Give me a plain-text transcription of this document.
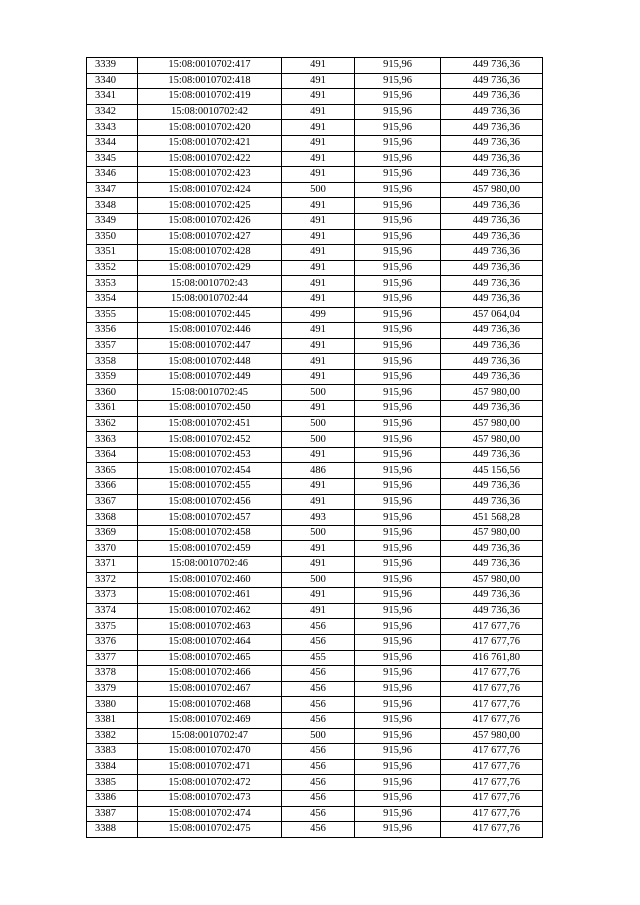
3339	15:08:0010702:417	491	915,96	449 736,36
3340	15:08:0010702:418	491	915,96	449 736,36
3341	15:08:0010702:419	491	915,96	449 736,36
3342	15:08:0010702:42	491	915,96	449 736,36
3343	15:08:0010702:420	491	915,96	449 736,36
3344	15:08:0010702:421	491	915,96	449 736,36
3345	15:08:0010702:422	491	915,96	449 736,36
3346	15:08:0010702:423	491	915,96	449 736,36
3347	15:08:0010702:424	500	915,96	457 980,00
3348	15:08:0010702:425	491	915,96	449 736,36
3349	15:08:0010702:426	491	915,96	449 736,36
3350	15:08:0010702:427	491	915,96	449 736,36
3351	15:08:0010702:428	491	915,96	449 736,36
3352	15:08:0010702:429	491	915,96	449 736,36
3353	15:08:0010702:43	491	915,96	449 736,36
3354	15:08:0010702:44	491	915,96	449 736,36
3355	15:08:0010702:445	499	915,96	457 064,04
3356	15:08:0010702:446	491	915,96	449 736,36
3357	15:08:0010702:447	491	915,96	449 736,36
3358	15:08:0010702:448	491	915,96	449 736,36
3359	15:08:0010702:449	491	915,96	449 736,36
3360	15:08:0010702:45	500	915,96	457 980,00
3361	15:08:0010702:450	491	915,96	449 736,36
3362	15:08:0010702:451	500	915,96	457 980,00
3363	15:08:0010702:452	500	915,96	457 980,00
3364	15:08:0010702:453	491	915,96	449 736,36
3365	15:08:0010702:454	486	915,96	445 156,56
3366	15:08:0010702:455	491	915,96	449 736,36
3367	15:08:0010702:456	491	915,96	449 736,36
3368	15:08:0010702:457	493	915,96	451 568,28
3369	15:08:0010702:458	500	915,96	457 980,00
3370	15:08:0010702:459	491	915,96	449 736,36
3371	15:08:0010702:46	491	915,96	449 736,36
3372	15:08:0010702:460	500	915,96	457 980,00
3373	15:08:0010702:461	491	915,96	449 736,36
3374	15:08:0010702:462	491	915,96	449 736,36
3375	15:08:0010702:463	456	915,96	417 677,76
3376	15:08:0010702:464	456	915,96	417 677,76
3377	15:08:0010702:465	455	915,96	416 761,80
3378	15:08:0010702:466	456	915,96	417 677,76
3379	15:08:0010702:467	456	915,96	417 677,76
3380	15:08:0010702:468	456	915,96	417 677,76
3381	15:08:0010702:469	456	915,96	417 677,76
3382	15:08:0010702:47	500	915,96	457 980,00
3383	15:08:0010702:470	456	915,96	417 677,76
3384	15:08:0010702:471	456	915,96	417 677,76
3385	15:08:0010702:472	456	915,96	417 677,76
3386	15:08:0010702:473	456	915,96	417 677,76
3387	15:08:0010702:474	456	915,96	417 677,76
3388	15:08:0010702:475	456	915,96	417 677,76
